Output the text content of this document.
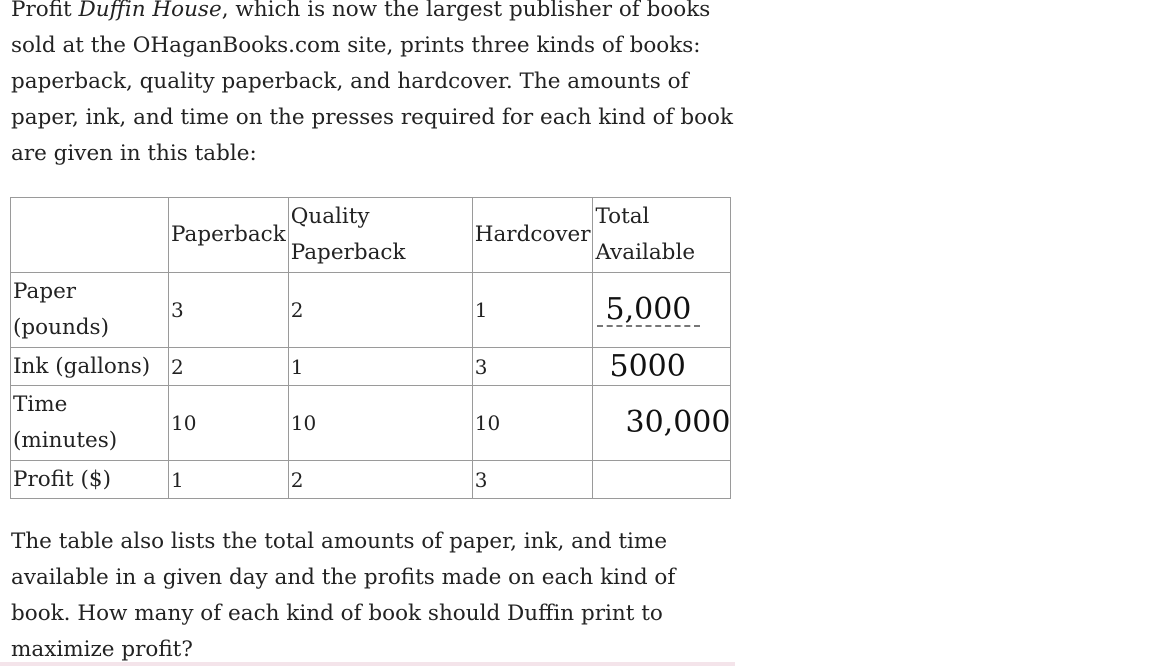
Profit Duffin House, which is now the largest publisher of books sold at the OHaganBooks.com site, prints three kinds of books: paperback, quality paperback, and hardcover. The amounts of paper, ink, and time on the presses required for each kind of book are given in this table:

	Paperback	Quality Paperback	Hardcover	Total Available
Paper (pounds)	3	2	1	5,000

Ink (gallons)	2	1	3	5000
Time (minutes)	10	10	10	30,000
Profit ($)	1	2	3	

The table also lists the total amounts of paper, ink, and time available in a given day and the profits made on each kind of book. How many of each kind of book should Duffin print to maximize profit?
